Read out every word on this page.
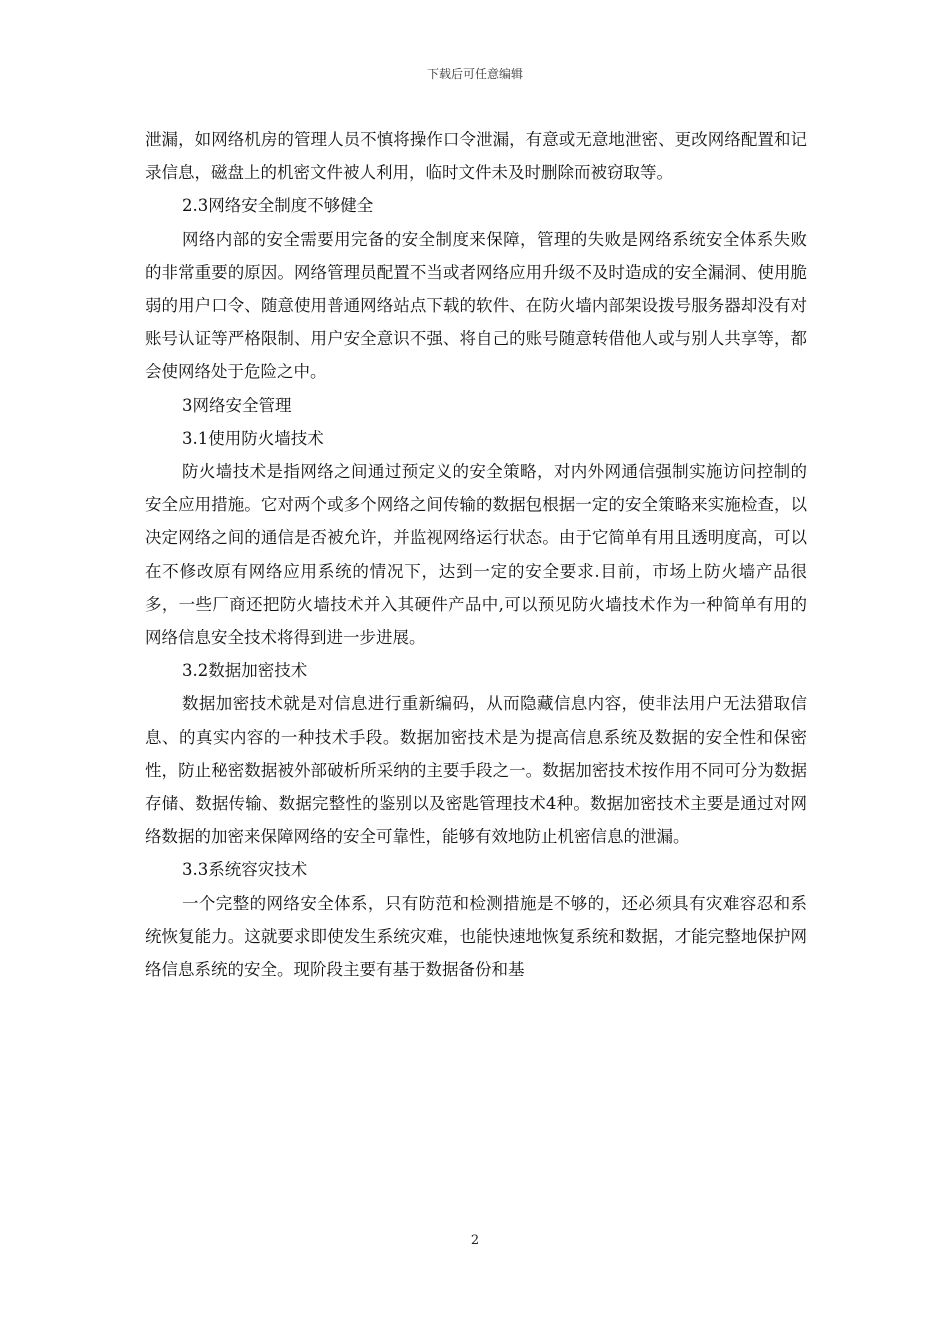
下载后可任意编辑

泄漏，如网络机房的管理人员不慎将操作口令泄漏，有意或无意地泄密、更改网络配置和记录信息，磁盘上的机密文件被人利用，临时文件未及时删除而被窃取等。

2.3网络安全制度不够健全

网络内部的安全需要用完备的安全制度来保障，管理的失败是网络系统安全体系失败的非常重要的原因。网络管理员配置不当或者网络应用升级不及时造成的安全漏洞、使用脆弱的用户口令、随意使用普通网络站点下载的软件、在防火墙内部架设拨号服务器却没有对账号认证等严格限制、用户安全意识不强、将自己的账号随意转借他人或与别人共享等，都会使网络处于危险之中。

3网络安全管理

3.1使用防火墙技术

防火墙技术是指网络之间通过预定义的安全策略，对内外网通信强制实施访问控制的安全应用措施。它对两个或多个网络之间传输的数据包根据一定的安全策略来实施检查，以决定网络之间的通信是否被允许，并监视网络运行状态。由于它简单有用且透明度高，可以在不修改原有网络应用系统的情况下，达到一定的安全要求.目前，市场上防火墙产品很多，一些厂商还把防火墙技术并入其硬件产品中,可以预见防火墙技术作为一种简单有用的网络信息安全技术将得到进一步进展。

3.2数据加密技术

数据加密技术就是对信息进行重新编码，从而隐藏信息内容，使非法用户无法猎取信息、的真实内容的一种技术手段。数据加密技术是为提高信息系统及数据的安全性和保密性，防止秘密数据被外部破析所采纳的主要手段之一。数据加密技术按作用不同可分为数据存储、数据传输、数据完整性的鉴别以及密匙管理技术4种。数据加密技术主要是通过对网络数据的加密来保障网络的安全可靠性，能够有效地防止机密信息的泄漏。

3.3系统容灾技术

一个完整的网络安全体系，只有防范和检测措施是不够的，还必须具有灾难容忍和系统恢复能力。这就要求即使发生系统灾难，也能快速地恢复系统和数据，才能完整地保护网络信息系统的安全。现阶段主要有基于数据备份和基

2
